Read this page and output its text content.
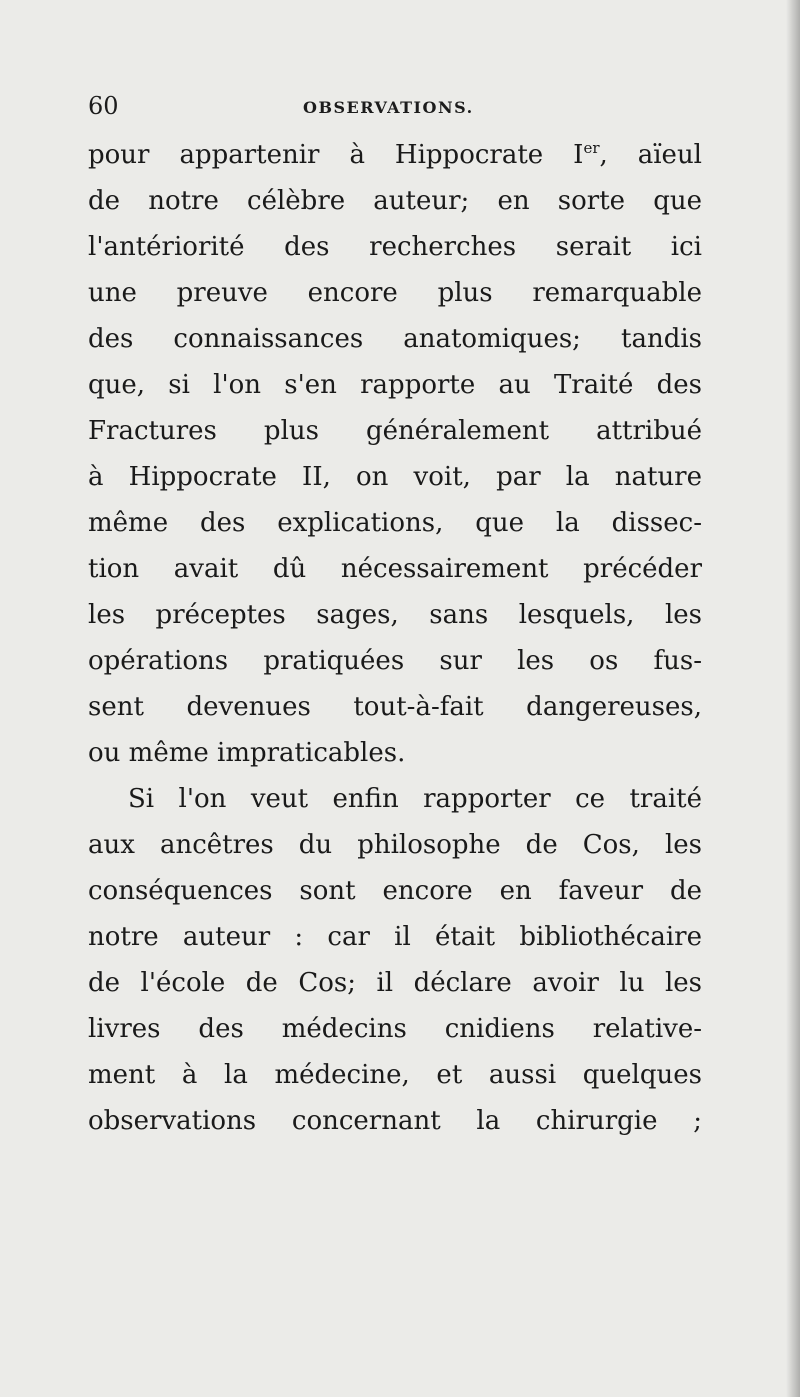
60	OBSERVATIONS.
pour appartenir à Hippocrate Ier, aïeul
de notre célèbre auteur; en sorte que
l'antériorité des recherches serait ici
une preuve encore plus remarquable
des connaissances anatomiques; tandis
que, si l'on s'en rapporte au Traité des
Fractures plus généralement attribué
à Hippocrate II, on voit, par la nature
même des explications, que la dissec-
tion avait dû nécessairement précéder
les préceptes sages, sans lesquels, les
opérations pratiquées sur les os fus-
sent devenues tout-à-fait dangereuses,
ou même impraticables.
Si l'on veut enfin rapporter ce traité
aux ancêtres du philosophe de Cos, les
conséquences sont encore en faveur de
notre auteur : car il était bibliothécaire
de l'école de Cos; il déclare avoir lu les
livres des médecins cnidiens relative-
ment à la médecine, et aussi quelques
observations concernant la chirurgie ;
